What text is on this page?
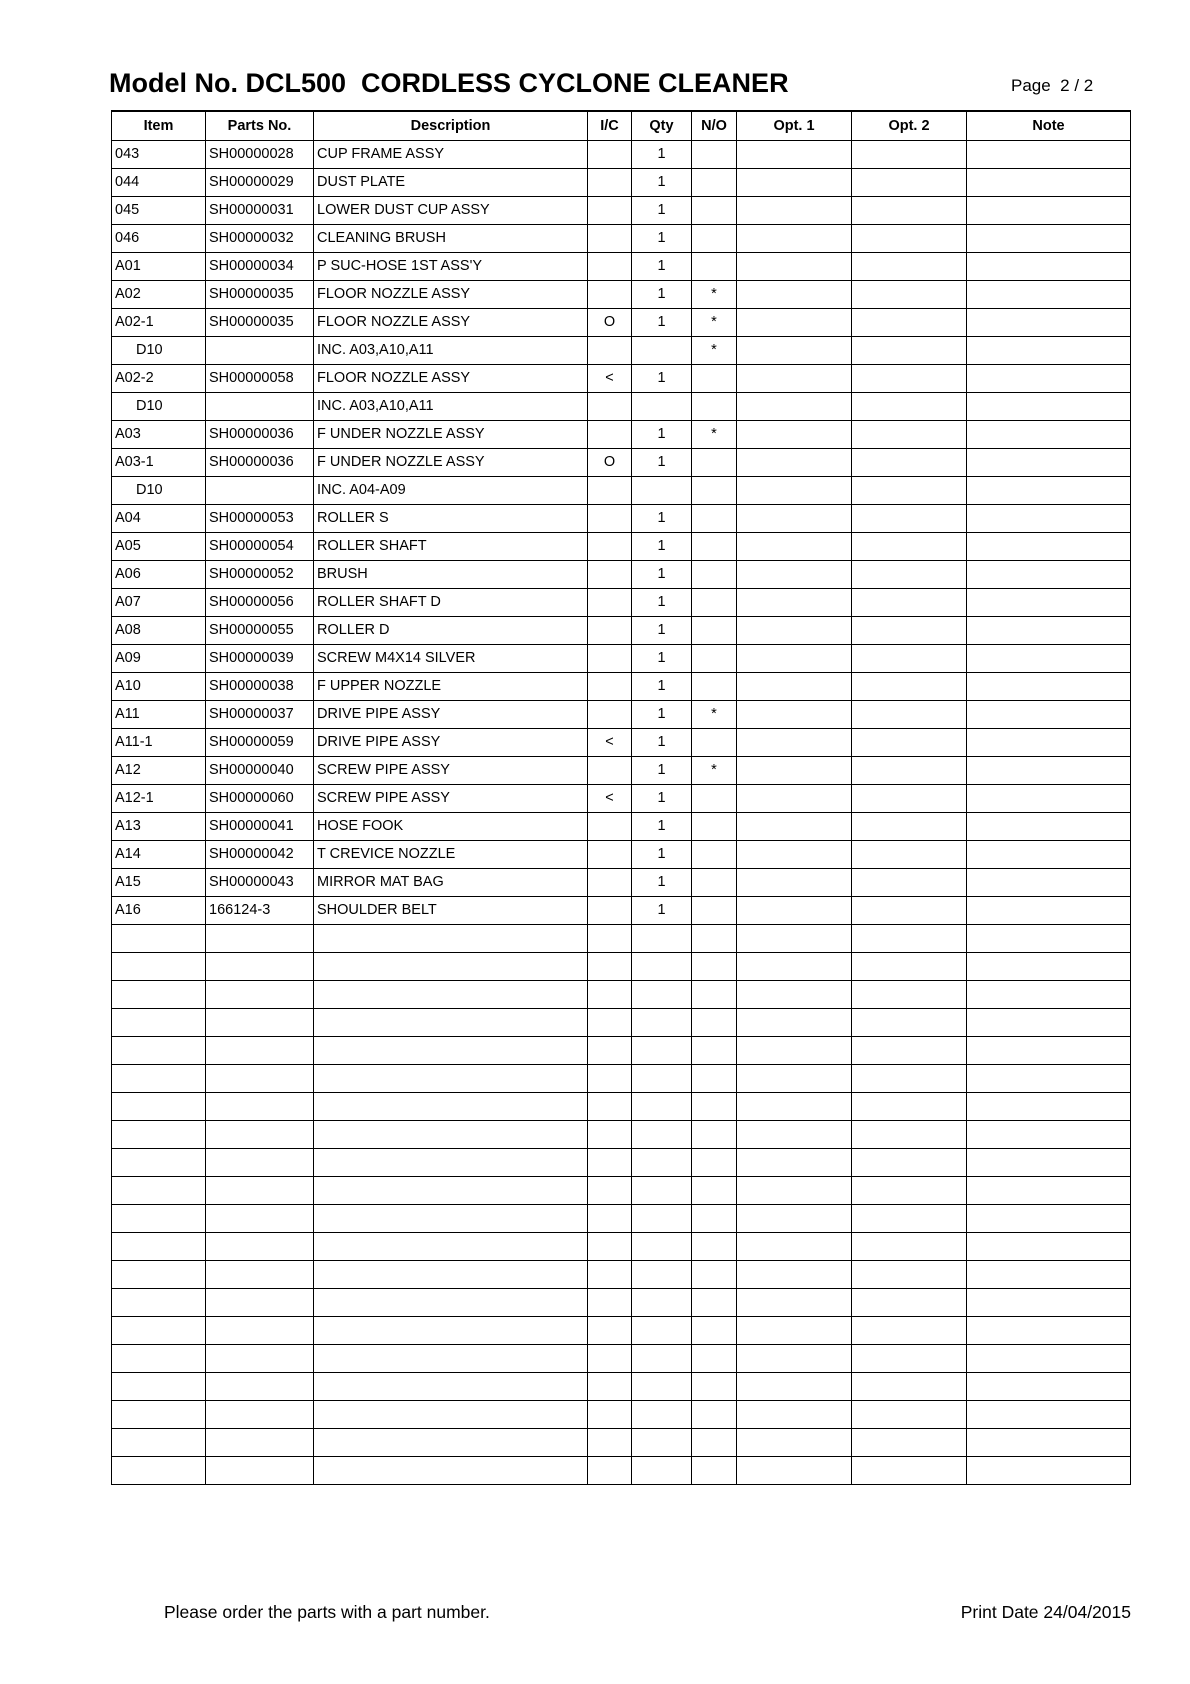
Model No. DCL500  CORDLESS CYCLONE CLEANER	Page  2 / 2
Item	Parts No.	Description	I/C	Qty	N/O	Opt. 1	Opt. 2	Note
043	SH00000028	CUP FRAME ASSY		1				
044	SH00000029	DUST PLATE		1				
045	SH00000031	LOWER DUST CUP ASSY		1				
046	SH00000032	CLEANING BRUSH		1				
A01	SH00000034	P SUC-HOSE 1ST ASS'Y		1				
A02	SH00000035	FLOOR NOZZLE ASSY		1	*			
A02-1	SH00000035	FLOOR NOZZLE ASSY	O	1	*			
D10		INC. A03,A10,A11			*			
A02-2	SH00000058	FLOOR NOZZLE ASSY	<	1				
D10		INC. A03,A10,A11						
A03	SH00000036	F UNDER NOZZLE ASSY		1	*			
A03-1	SH00000036	F UNDER NOZZLE ASSY	O	1				
D10		INC. A04-A09						
A04	SH00000053	ROLLER S		1				
A05	SH00000054	ROLLER SHAFT		1				
A06	SH00000052	BRUSH		1				
A07	SH00000056	ROLLER SHAFT D		1				
A08	SH00000055	ROLLER D		1				
A09	SH00000039	SCREW M4X14 SILVER		1				
A10	SH00000038	F UPPER NOZZLE		1				
A11	SH00000037	DRIVE PIPE ASSY		1	*			
A11-1	SH00000059	DRIVE PIPE ASSY	<	1				
A12	SH00000040	SCREW PIPE ASSY		1	*			
A12-1	SH00000060	SCREW PIPE ASSY	<	1				
A13	SH00000041	HOSE FOOK		1				
A14	SH00000042	T CREVICE NOZZLE		1				
A15	SH00000043	MIRROR MAT BAG		1				
A16	166124-3	SHOULDER BELT		1				

Please order the parts with a part number.	Print Date 24/04/2015
